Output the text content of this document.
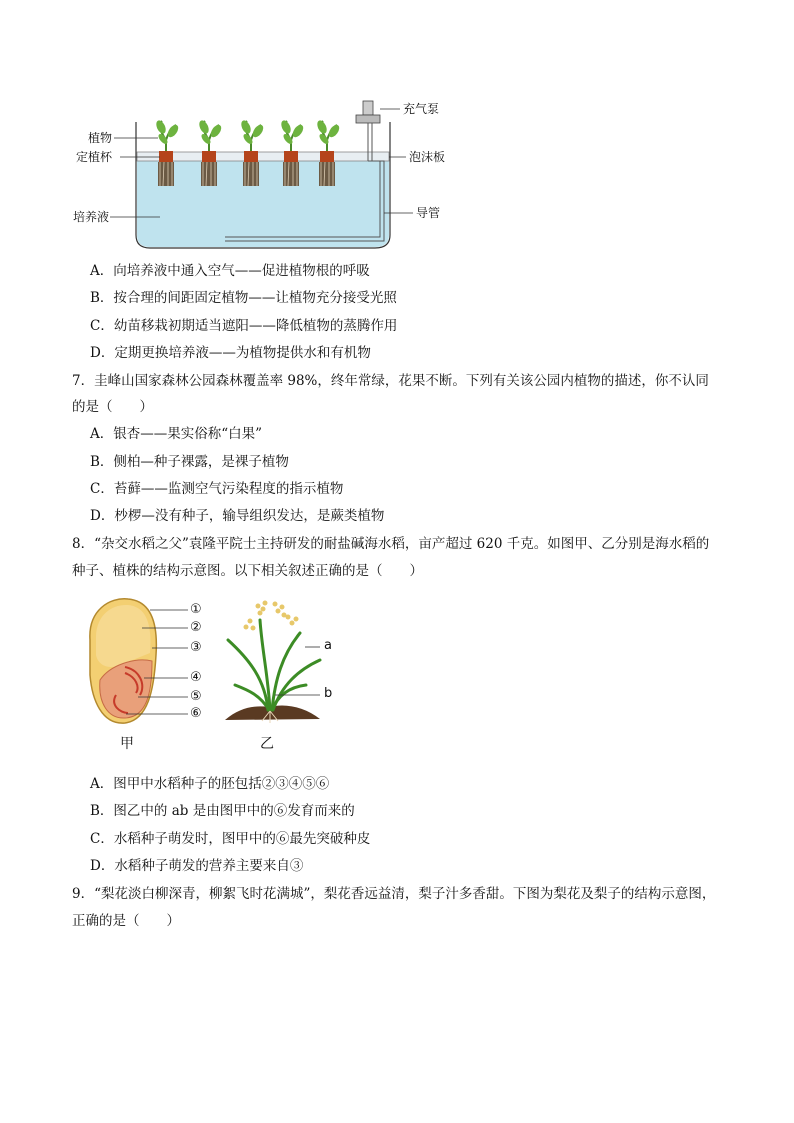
植物
定植杯
培养液
充气泵
泡沫板
导管
A．向培养液中通入空气——促进植物根的呼吸
B．按合理的间距固定植物——让植物充分接受光照
C．幼苗移栽初期适当遮阳——降低植物的蒸腾作用
D．定期更换培养液——为植物提供水和有机物
7．圭峰山国家森林公园森林覆盖率 98%，终年常绿，花果不断。下列有关该公园内植物的描述，你不认同
的是（　　）
A．银杏——果实俗称“白果”
B．侧柏—种子裸露，是裸子植物
C．苔藓——监测空气污染程度的指示植物
D．杪椤—没有种子，输导组织发达，是蕨类植物
8．“杂交水稻之父”袁隆平院士主持研发的耐盐碱海水稻，亩产超过 620 千克。如图甲、乙分别是海水稻的
种子、植株的结构示意图。以下相关叙述正确的是（　　）
①
②
③
④
⑤
⑥
甲
a
b
乙
A．图甲中水稻种子的胚包括②③④⑤⑥
B．图乙中的 ab 是由图甲中的⑥发育而来的
C．水稻种子萌发时，图甲中的⑥最先突破种皮
D．水稻种子萌发的营养主要来自③
9．“梨花淡白柳深青，柳絮飞时花满城”，梨花香远益清，梨子汁多香甜。下图为梨花及梨子的结构示意图，
正确的是（　　）
